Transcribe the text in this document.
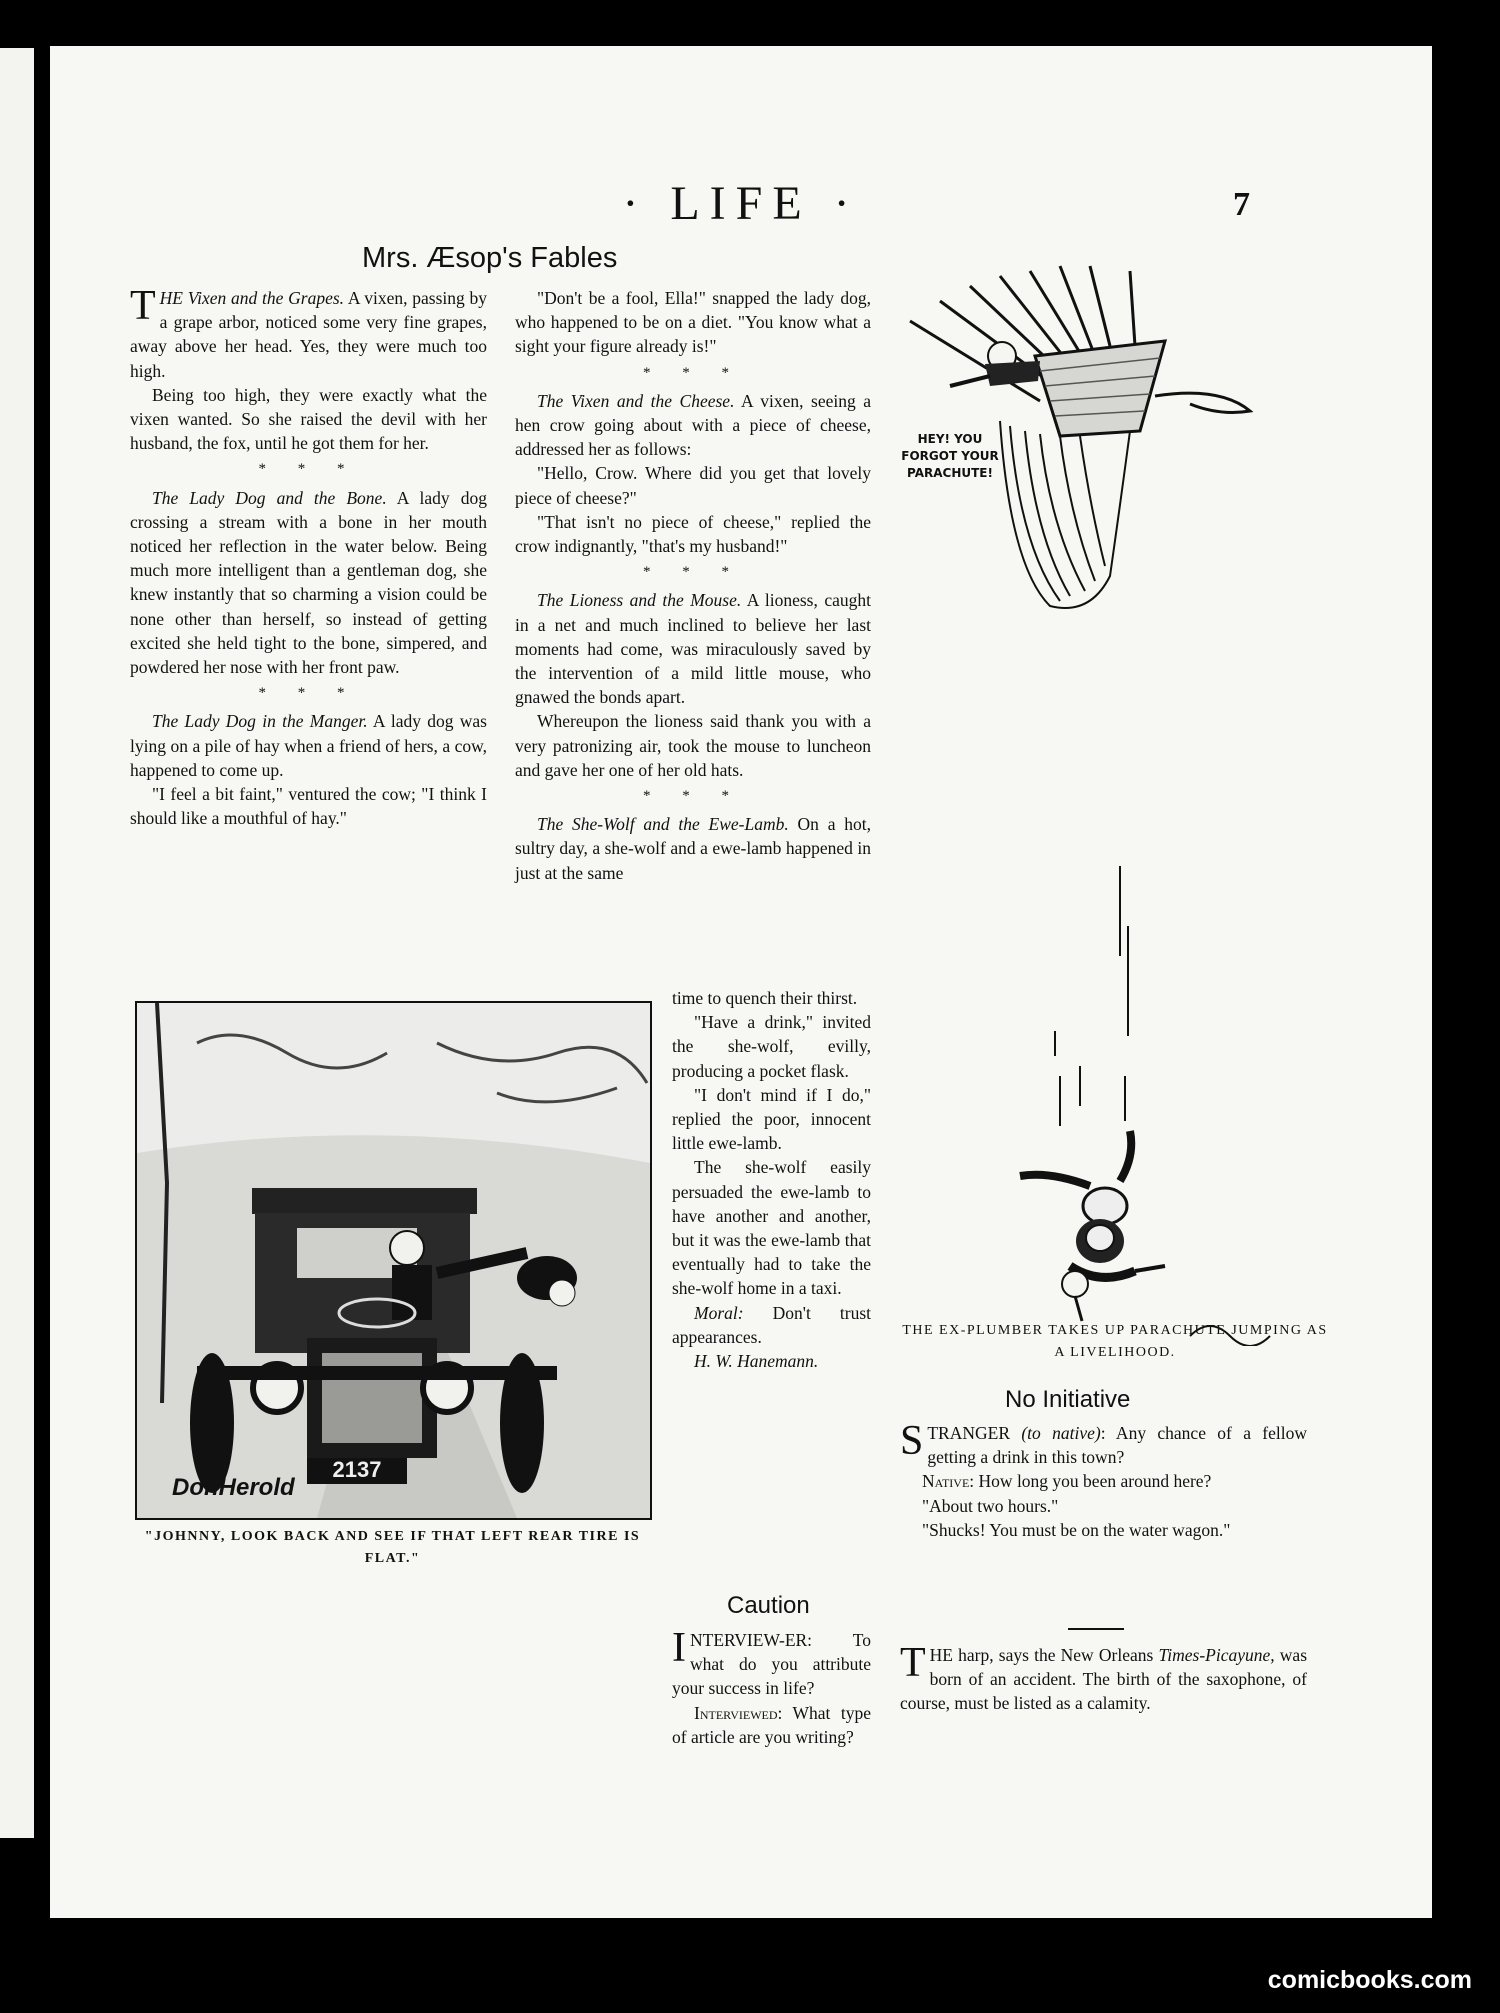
· LIFE ·	7
Mrs. Æsop's Fables

THE Vixen and the Grapes. A vixen, passing by a grape arbor, noticed some very fine grapes, away above her head. Yes, they were much too high.

Being too high, they were exactly what the vixen wanted. So she raised the devil with her husband, the fox, until he got them for her.

* * *

The Lady Dog and the Bone. A lady dog crossing a stream with a bone in her mouth noticed her reflection in the water below. Being much more intelligent than a gentleman dog, she knew instantly that so charming a vision could be none other than herself, so instead of getting excited she held tight to the bone, simpered, and powdered her nose with her front paw.

* * *

The Lady Dog in the Manger. A lady dog was lying on a pile of hay when a friend of hers, a cow, happened to come up.

"I feel a bit faint," ventured the cow; "I think I should like a mouthful of hay."

"Don't be a fool, Ella!" snapped the lady dog, who happened to be on a diet. "You know what a sight your figure already is!"

* * *

The Vixen and the Cheese. A vixen, seeing a hen crow going about with a piece of cheese, addressed her as follows:

"Hello, Crow. Where did you get that lovely piece of cheese?"

"That isn't no piece of cheese," replied the crow indignantly, "that's my husband!"

* * *

The Lioness and the Mouse. A lioness, caught in a net and much inclined to believe her last moments had come, was miraculously saved by the intervention of a mild little mouse, who gnawed the bonds apart.

Whereupon the lioness said thank you with a very patronizing air, took the mouse to luncheon and gave her one of her old hats.

* * *

The She-Wolf and the Ewe-Lamb. On a hot, sultry day, a she-wolf and a ewe-lamb happened in just at the same

time to quench their thirst.

"Have a drink," invited the she-wolf, evilly, producing a pocket flask.

"I don't mind if I do," replied the poor, innocent little ewe-lamb.

The she-wolf easily persuaded the ewe-lamb to have another and another, but it was the ewe-lamb that eventually had to take the she-wolf home in a taxi.

Moral: Don't trust appearances.

H. W. Hanemann.

Caution

INTERVIEW-ER: To what do you attribute your success in life?

Interviewed: What type of article are you writing?

2137
DonHerold
"JOHNNY, LOOK BACK AND SEE IF THAT LEFT REAR TIRE IS FLAT."
HEY! YOU FORGOT YOUR PARACHUTE!
THE EX-PLUMBER TAKES UP PARACHUTE JUMPING AS A LIVELIHOOD.
No Initiative

STRANGER (to native): Any chance of a fellow getting a drink in this town?

Native: How long you been around here?

"About two hours."

"Shucks! You must be on the water wagon."

THE harp, says the New Orleans Times-Picayune, was born of an accident. The birth of the saxophone, of course, must be listed as a calamity.

comicbooks.com
